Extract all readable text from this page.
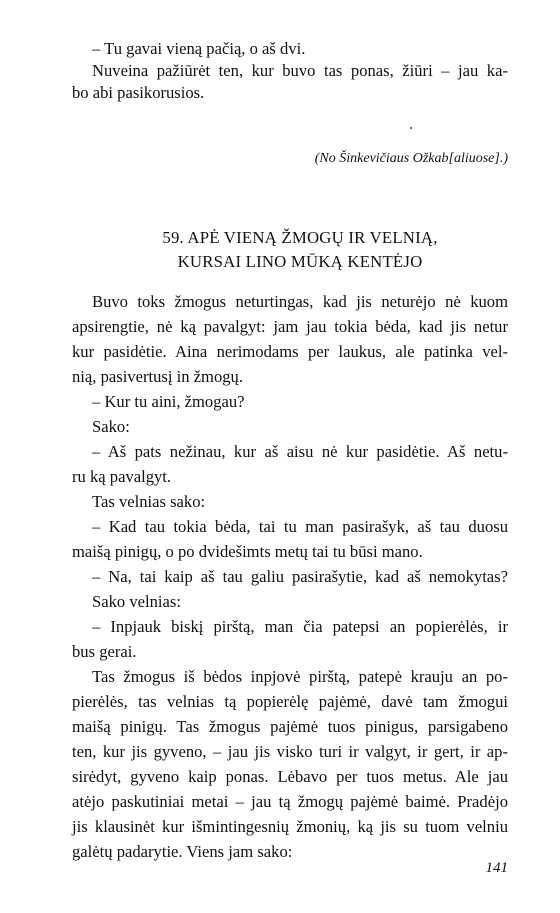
– Tu gavai vieną pačią, o aš dvi.
Nuveina pažiūrėt ten, kur buvo tas ponas, žiūri – jau ka-
bo abi pasikorusios.
(No Šinkevičiaus Ožkab[aliuose].)
59. APĖ VIENĄ ŽMOGŲ IR VELNIĄ,
KURSAI LINO MŪKĄ KENTĖJO
Buvo toks žmogus neturtingas, kad jis neturėjo nė kuom
apsirengtie, nė ką pavalgyt: jam jau tokia bėda, kad jis netur
kur pasidėtie. Aina nerimodams per laukus, ale patinka vel-
nią, pasivertusį in žmogų.
– Kur tu aini, žmogau?
Sako:
– Aš pats nežinau, kur aš aisu nė kur pasidėtie. Aš netu-
ru ką pavalgyt.
Tas velnias sako:
– Kad tau tokia bėda, tai tu man pasirašyk, aš tau duosu
maišą pinigų, o po dvidešimts metų tai tu būsi mano.
– Na, tai kaip aš tau galiu pasirašytie, kad aš nemokytas?
Sako velnias:
– Inpjauk biskį pirštą, man čia patepsi an popierėlės, ir
bus gerai.
Tas žmogus iš bėdos inpjovė pirštą, patepė krauju an po-
pierėlės, tas velnias tą popierėlę pajėmė, davė tam žmogui
maišą pinigų. Tas žmogus pajėmė tuos pinigus, parsigabeno
ten, kur jis gyveno, – jau jis visko turi ir valgyt, ir gert, ir ap-
sirėdyt, gyveno kaip ponas. Lėbavo per tuos metus. Ale jau
atėjo paskutiniai metai – jau tą žmogų pajėmė baimė. Pradėjo
jis klausinėt kur išmintingesnių žmonių, ką jis su tuom velniu
galėtų padarytie. Viens jam sako:
141
